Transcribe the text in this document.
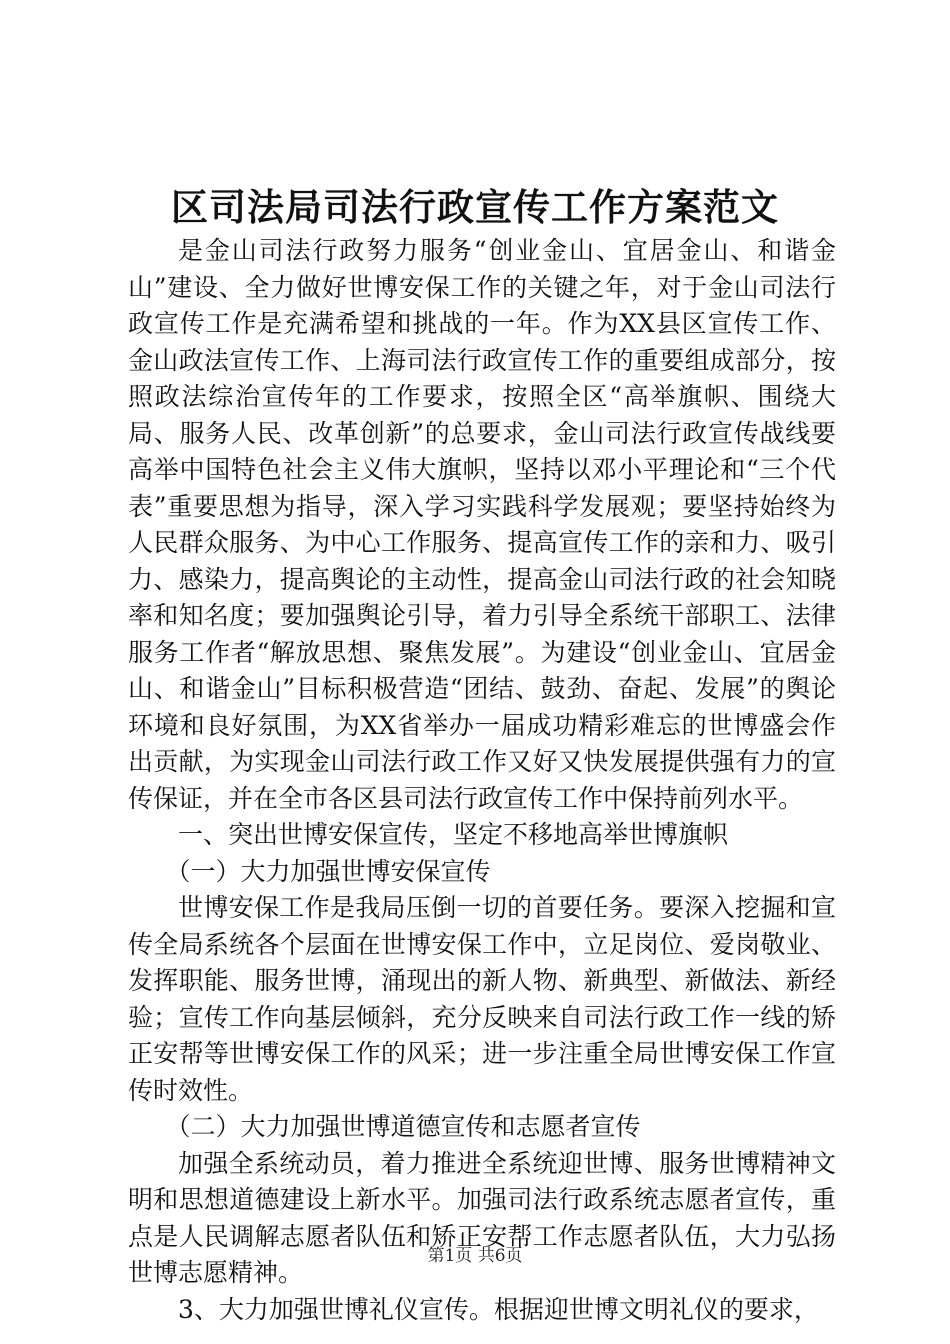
区司法局司法行政宣传工作方案范文

是金山司法行政努力服务“创业金山、宜居金山、和谐金山”建设、全力做好世博安保工作的关键之年，对于金山司法行政宣传工作是充满希望和挑战的一年。作为XX县区宣传工作、金山政法宣传工作、上海司法行政宣传工作的重要组成部分，按照政法综治宣传年的工作要求，按照全区“高举旗帜、围绕大局、服务人民、改革创新”的总要求，金山司法行政宣传战线要高举中国特色社会主义伟大旗帜，坚持以邓小平理论和“三个代表”重要思想为指导，深入学习实践科学发展观；要坚持始终为人民群众服务、为中心工作服务、提高宣传工作的亲和力、吸引力、感染力，提高舆论的主动性，提高金山司法行政的社会知晓率和知名度；要加强舆论引导，着力引导全系统干部职工、法律服务工作者“解放思想、聚焦发展”。为建设“创业金山、宜居金山、和谐金山”目标积极营造“团结、鼓劲、奋起、发展”的舆论环境和良好氛围，为XX省举办一届成功精彩难忘的世博盛会作出贡献，为实现金山司法行政工作又好又快发展提供强有力的宣传保证，并在全市各区县司法行政宣传工作中保持前列水平。

一、突出世博安保宣传，坚定不移地高举世博旗帜

（一）大力加强世博安保宣传

世博安保工作是我局压倒一切的首要任务。要深入挖掘和宣传全局系统各个层面在世博安保工作中，立足岗位、爱岗敬业、发挥职能、服务世博，涌现出的新人物、新典型、新做法、新经验；宣传工作向基层倾斜，充分反映来自司法行政工作一线的矫正安帮等世博安保工作的风采；进一步注重全局世博安保工作宣传时效性。

（二）大力加强世博道德宣传和志愿者宣传

加强全系统动员，着力推进全系统迎世博、服务世博精神文明和思想道德建设上新水平。加强司法行政系统志愿者宣传，重点是人民调解志愿者队伍和矫正安帮工作志愿者队伍，大力弘扬世博志愿精神。

3、大力加强世博礼仪宣传。根据迎世博文明礼仪的要求，

第1页 共6页
